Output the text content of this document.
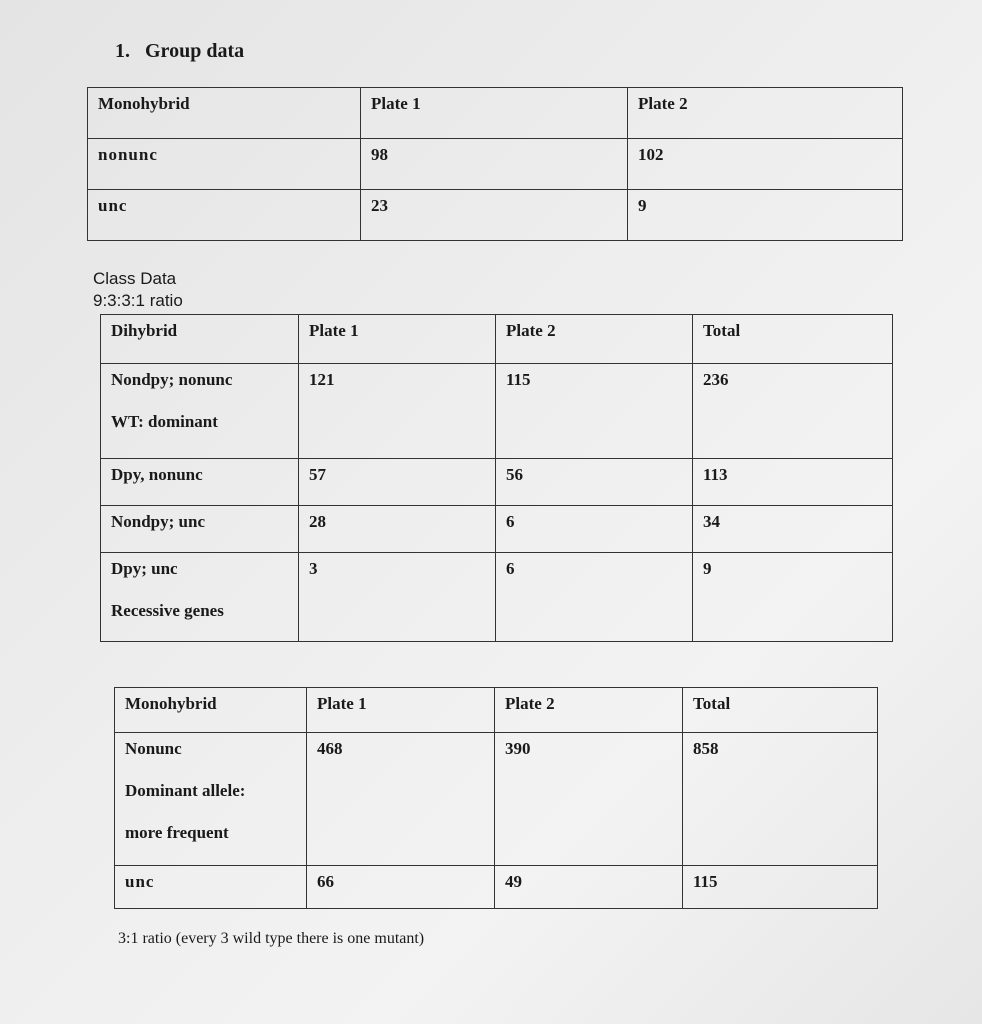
1. Group data
Monohybrid	Plate 1	Plate 2
nonunc	98	102
unc	23	9
Class Data
9:3:3:1 ratio
Dihybrid	Plate 1	Plate 2	Total
Nondpy; nonunc
WT: dominant	121	115	236
Dpy, nonunc	57	56	113
Nondpy; unc	28	6	34
Dpy; unc
Recessive genes	3	6	9
Monohybrid	Plate 1	Plate 2	Total
Nonunc
Dominant allele:
more frequent	468	390	858
unc	66	49	115
3:1 ratio (every 3 wild type there is one mutant)
